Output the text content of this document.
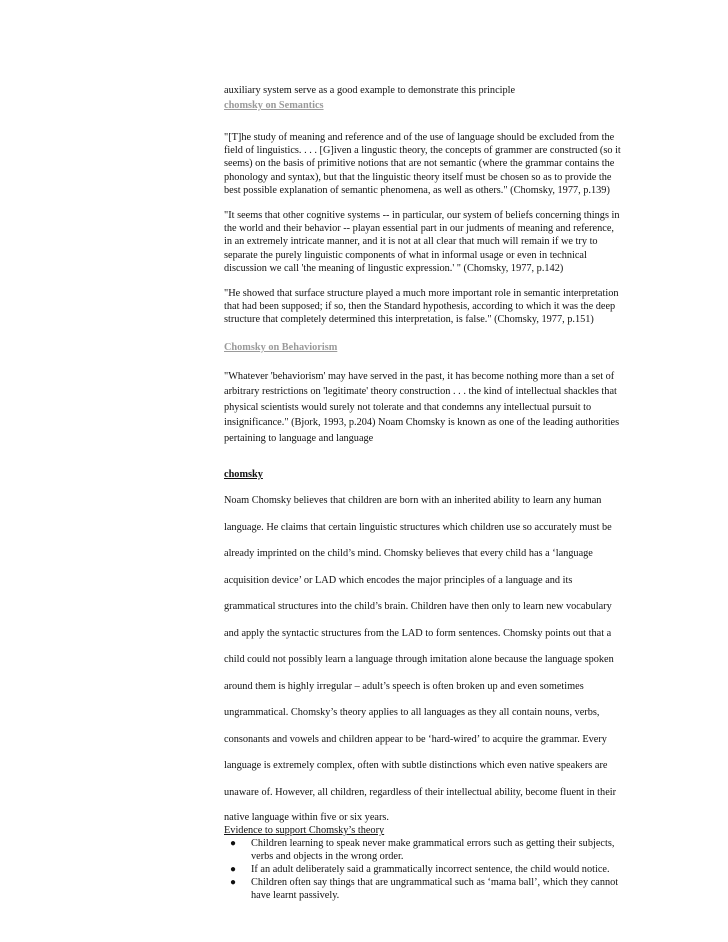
auxiliary system serve as a good example to demonstrate this principle
chomsky on Semantics
"[T]he study of meaning and reference and of the use of language should be excluded from the
field of linguistics. . . . [G]iven a lingustic theory, the concepts of grammer are constructed (so it
seems) on the basis of primitive notions that are not semantic (where the grammar contains the
phonology and syntax), but that the linguistic theory itself must be chosen so as to provide the
best possible explanation of semantic phenomena, as well as others." (Chomsky, 1977, p.139)
"It seems that other cognitive systems -- in particular, our system of beliefs concerning things in
the world and their behavior -- playan essential part in our judments of meaning and reference,
in an extremely intricate manner, and it is not at all clear that much will remain if we try to
separate the purely linguistic components of what in informal usage or even in technical
discussion we call 'the meaning of lingustic expression.' " (Chomsky, 1977, p.142)
"He showed that surface structure played a much more important role in semantic interpretation
that had been supposed; if so, then the Standard hypothesis, according to which it was the deep
structure that completely determined this interpretation, is false." (Chomsky, 1977, p.151)
Chomsky on Behaviorism
"Whatever 'behaviorism' may have served in the past, it has become nothing more than a set of
arbitrary restrictions on 'legitimate' theory construction . . . the kind of intellectual shackles that
physical scientists would surely not tolerate and that condemns any intellectual pursuit to
insignificance." (Bjork, 1993, p.204) Noam Chomsky is known as one of the leading authorities
pertaining to language and language
chomsky
Noam Chomsky believes that children are born with an inherited ability to learn any human
language. He claims that certain linguistic structures which children use so accurately must be
already imprinted on the child’s mind. Chomsky believes that every child has a ‘language
acquisition device’ or LAD which encodes the major principles of a language and its
grammatical structures into the child’s brain. Children have then only to learn new vocabulary
and apply the syntactic structures from the LAD to form sentences. Chomsky points out that a
child could not possibly learn a language through imitation alone because the language spoken
around them is highly irregular – adult’s speech is often broken up and even sometimes
ungrammatical. Chomsky’s theory applies to all languages as they all contain nouns, verbs,
consonants and vowels and children appear to be ‘hard-wired’ to acquire the grammar. Every
language is extremely complex, often with subtle distinctions which even native speakers are
unaware of. However, all children, regardless of their intellectual ability, become fluent in their
native language within five or six years.
Evidence to support Chomsky’s theory
● Children learning to speak never make grammatical errors such as getting their subjects,
verbs and objects in the wrong order.
● If an adult deliberately said a grammatically incorrect sentence, the child would notice.
● Children often say things that are ungrammatical such as ‘mama ball’, which they cannot
have learnt passively.
